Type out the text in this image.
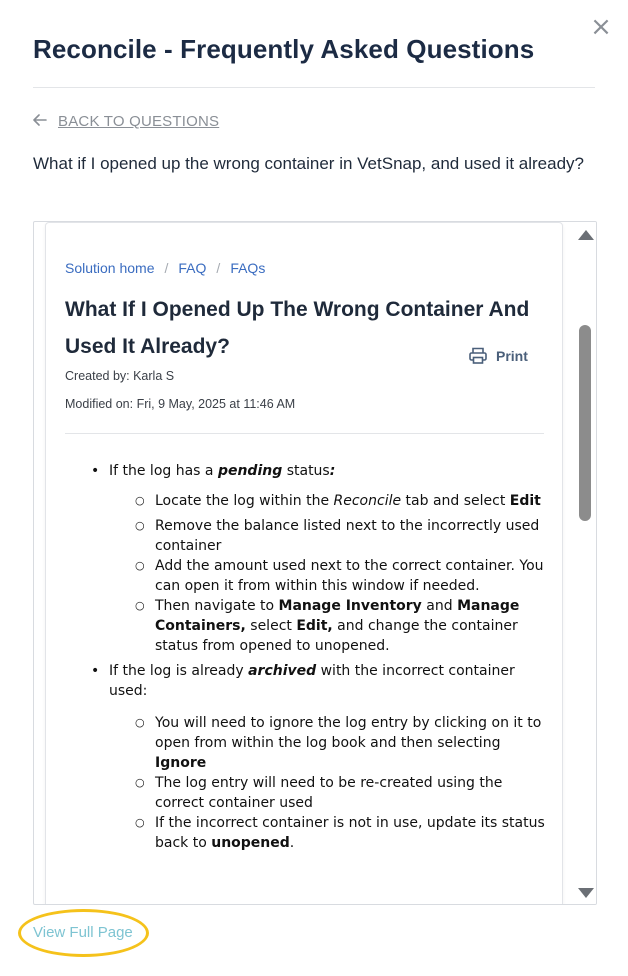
×
Reconcile - Frequently Asked Questions
BACK TO QUESTIONS

What if I opened up the wrong container in VetSnap, and used it already?

Solution home / FAQ / FAQs
What If I Opened Up The Wrong Container And Used It Already?	Print
Created by: Karla S
Modified on: Fri, 9 May, 2025 at 11:46 AM
• If the log has a pending status:
○ Locate the log within the Reconcile tab and select Edit
○ Remove the balance listed next to the incorrectly used container
○ Add the amount used next to the correct container. You can open it from within this window if needed.
○ Then navigate to Manage Inventory and Manage Containers, select Edit, and change the container status from opened to unopened.
• If the log is already archived with the incorrect container used:
○ You will need to ignore the log entry by clicking on it to open from within the log book and then selecting Ignore
○ The log entry will need to be re-created using the correct container used
○ If the incorrect container is not in use, update its status back to unopened.
View Full Page
